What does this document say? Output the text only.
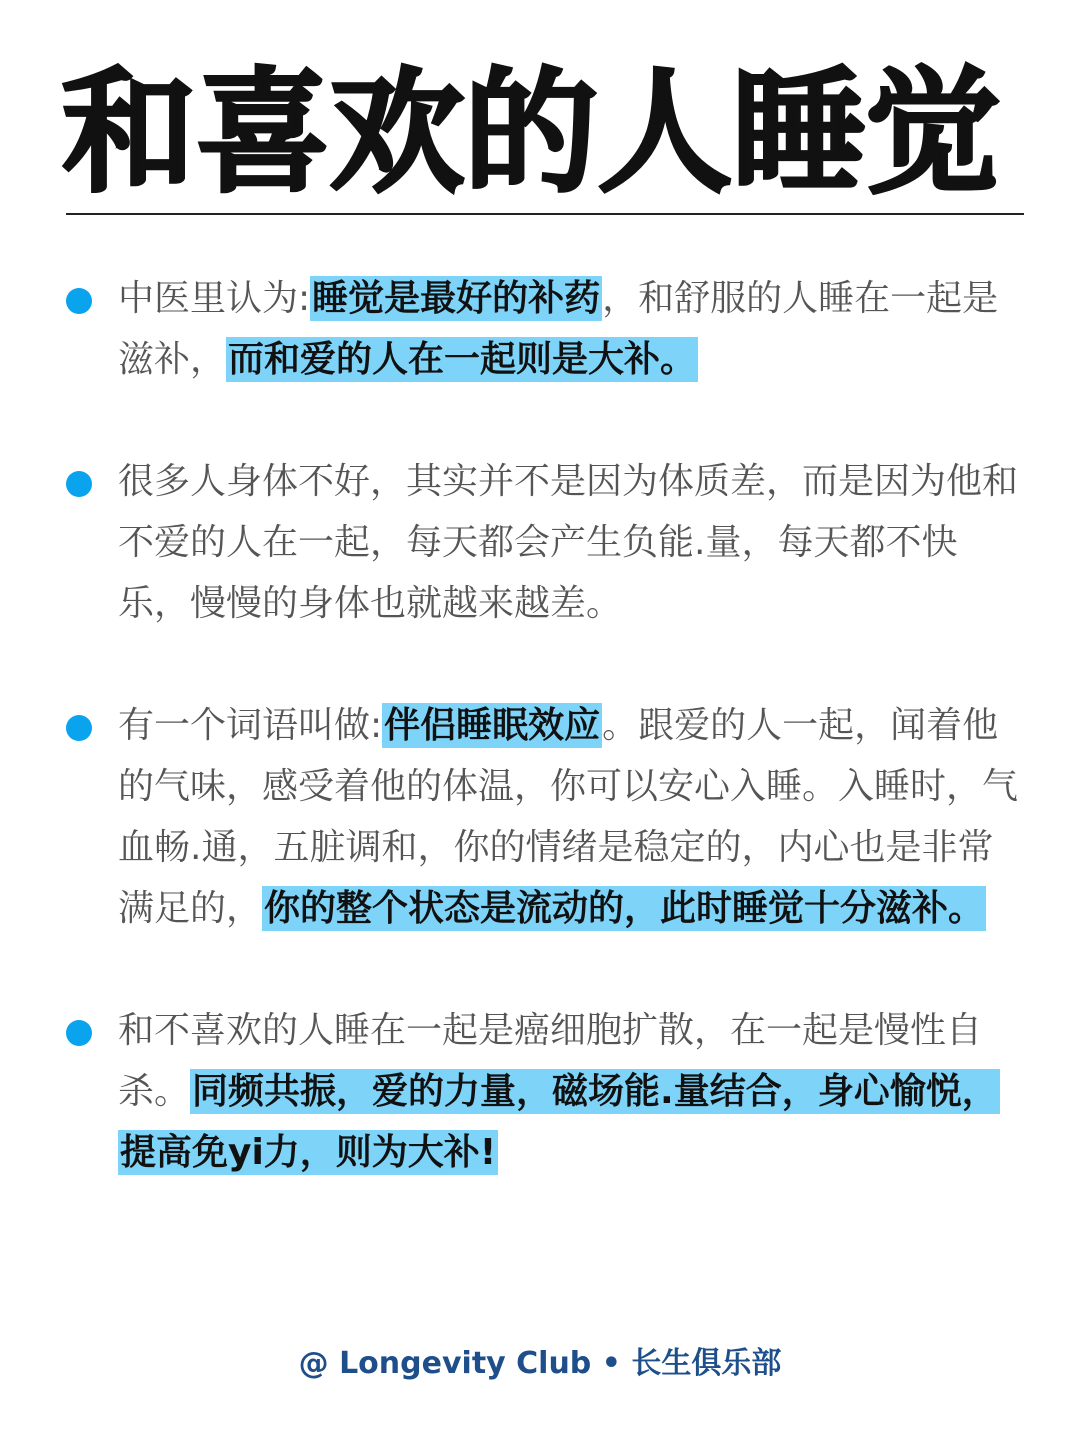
和喜欢的人睡觉
中医里认为:睡觉是最好的补药，和舒服的人睡在一起是滋补，而和爱的人在一起则是大补。
很多人身体不好，其实并不是因为体质差，而是因为他和不爱的人在一起，每天都会产生负能.量，每天都不快乐，慢慢的身体也就越来越差。
有一个词语叫做:伴侣睡眠效应。跟爱的人一起，闻着他的气味，感受着他的体温，你可以安心入睡。入睡时，气血畅.通，五脏调和，你的情绪是稳定的，内心也是非常满足的，你的整个状态是流动的，此时睡觉十分滋补。
和不喜欢的人睡在一起是癌细胞扩散，在一起是慢性自杀。同频共振，爱的力量，磁场能.量结合，身心愉悦，提高免yi力，则为大补!
@ Longevity Club • 长生俱乐部
